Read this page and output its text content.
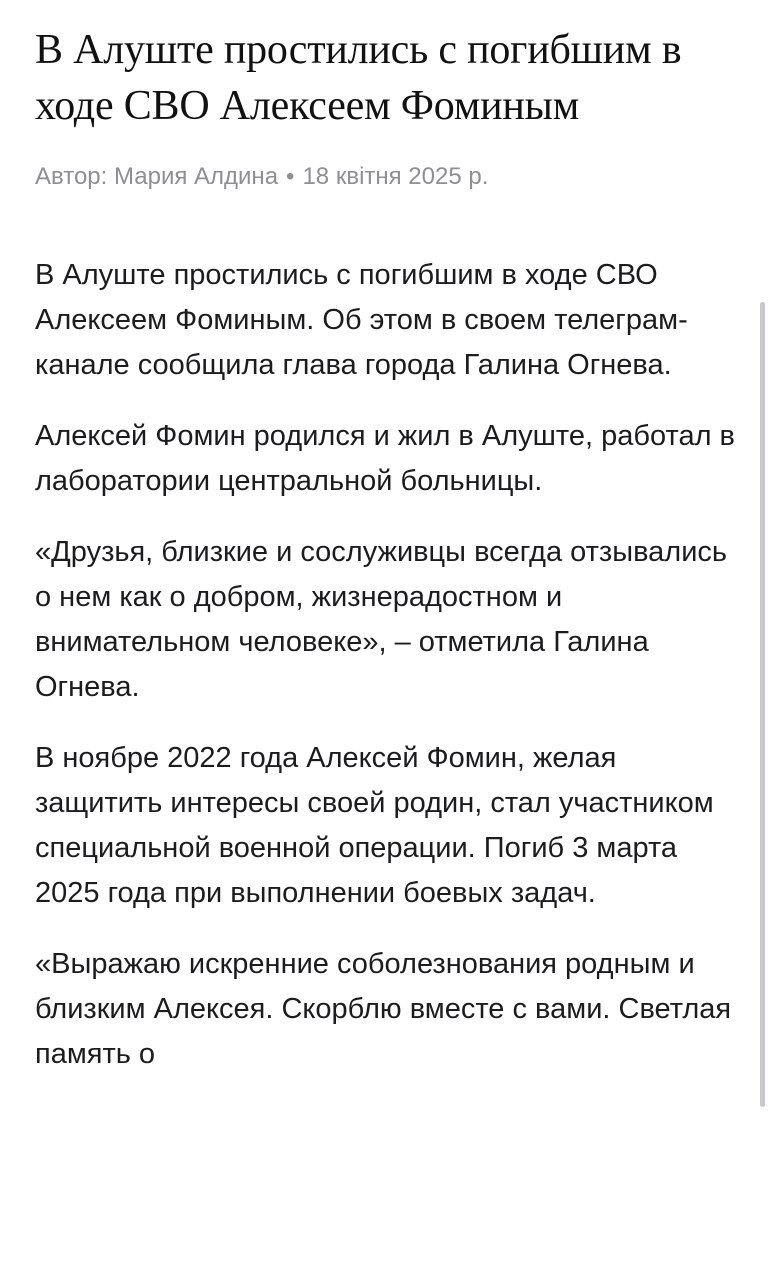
В Алуште простились с погибшим в ходе СВО Алексеем Фоминым
Автор: Мария Алдина • 18 квітня 2025 р.

В Алуште простились с погибшим в ходе СВО Алексеем Фоминым. Об этом в своем телеграм-канале сообщила глава города Галина Огнева.

Алексей Фомин родился и жил в Алуште, работал в лаборатории центральной больницы.

«Друзья, близкие и сослуживцы всегда отзывались о нем как о добром, жизнерадостном и внимательном человеке», – отметила Галина Огнева.

В ноябре 2022 года Алексей Фомин, желая защитить интересы своей родин, стал участником специальной военной операции. Погиб 3 марта 2025 года при выполнении боевых задач.

«Выражаю искренние соболезнования родным и близким Алексея. Скорблю вместе с вами. Светлая память о
